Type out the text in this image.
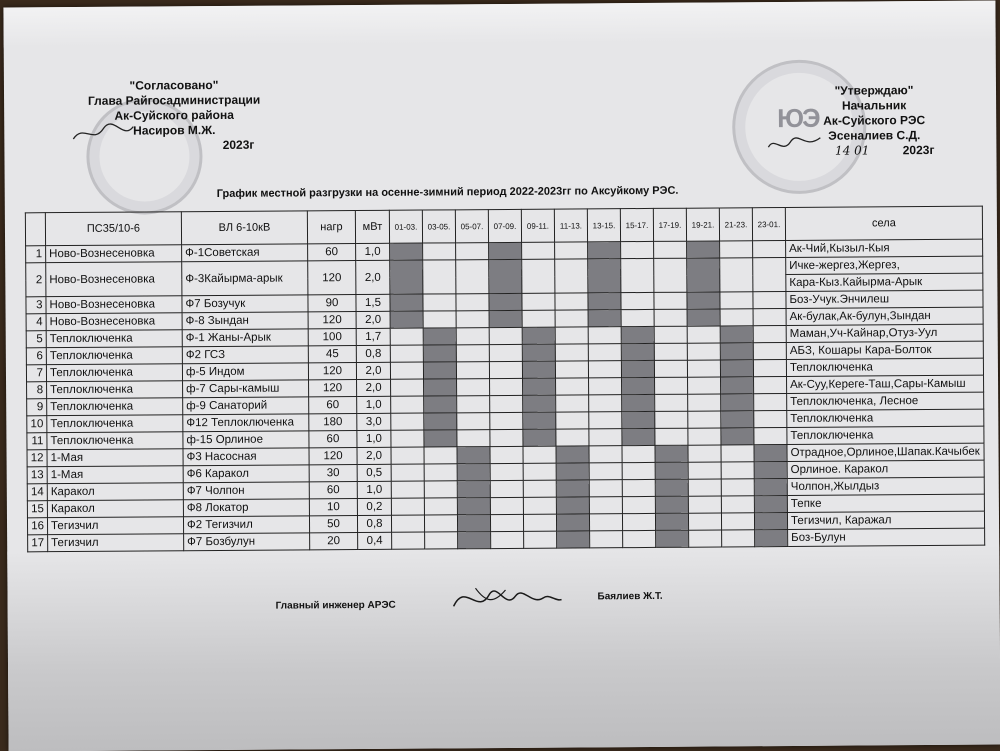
ЮЭ
"Согласовано"
Глава Райгосадминистрации
Ак-Суйского района
Насиров М.Ж.
2023г
"Утверждаю"
Начальник
Ак-Суйского РЭС
Эсеналиев С.Д.
14 01	2023г
График местной разгрузки на осенне-зимний период 2022-2023гг по Аксуйкому РЭС.
	ПС35/10-6	ВЛ 6-10кВ	нагр	мВт	01-03.	03-05.	05-07.	07-09.	09-11.	11-13.	13-15.	15-17.	17-19.	19-21.	21-23.	23-01.	села
1	Ново-Вознесеновка	Ф-1Советская	60	1,0													Ак-Чий,Кызыл-Кыя
2	Ново-Вознесеновка	Ф-3Кайырма-арык	120	2,0													Ичке-жергез,Жергез,
																	Кара-Кыз.Кайырма-Арык
3	Ново-Вознесеновка	Ф7 Бозучук	90	1,5													Боз-Учук.Энчилеш
4	Ново-Вознесеновка	Ф-8 Зындан	120	2,0													Ак-булак,Ак-булун,Зындан
5	Теплоключенка	Ф-1 Жаны-Арык	100	1,7													Маман,Уч-Кайнар,Отуз-Уул
6	Теплоключенка	Ф2 ГСЗ	45	0,8													АБЗ, Кошары Кара-Болток
7	Теплоключенка	ф-5 Индом	120	2,0													Теплоключенка
8	Теплоключенка	ф-7 Сары-камыш	120	2,0													Ак-Суу,Кереге-Таш,Сары-Камыш
9	Теплоключенка	ф-9 Санаторий	60	1,0													Теплоключенка, Лесное
10	Теплоключенка	Ф12 Теплоключенка	180	3,0													Теплоключенка
11	Теплоключенка	ф-15 Орлиное	60	1,0													Теплоключенка
12	1-Мая	Ф3 Насосная	120	2,0													Отрадное,Орлиное,Шапак.Качыбек
13	1-Мая	Ф6 Каракол	30	0,5													Орлиное. Каракол
14	Каракол	Ф7 Чолпон	60	1,0													Чолпон,Жылдыз
15	Каракол	Ф8 Локатор	10	0,2													Тепке
16	Тегизчил	Ф2 Тегизчил	50	0,8													Тегизчил, Каражал
17	Тегизчил	Ф7 Бозбулун	20	0,4													Боз-Булун
Главный инженер АРЭС
Баялиев Ж.Т.
